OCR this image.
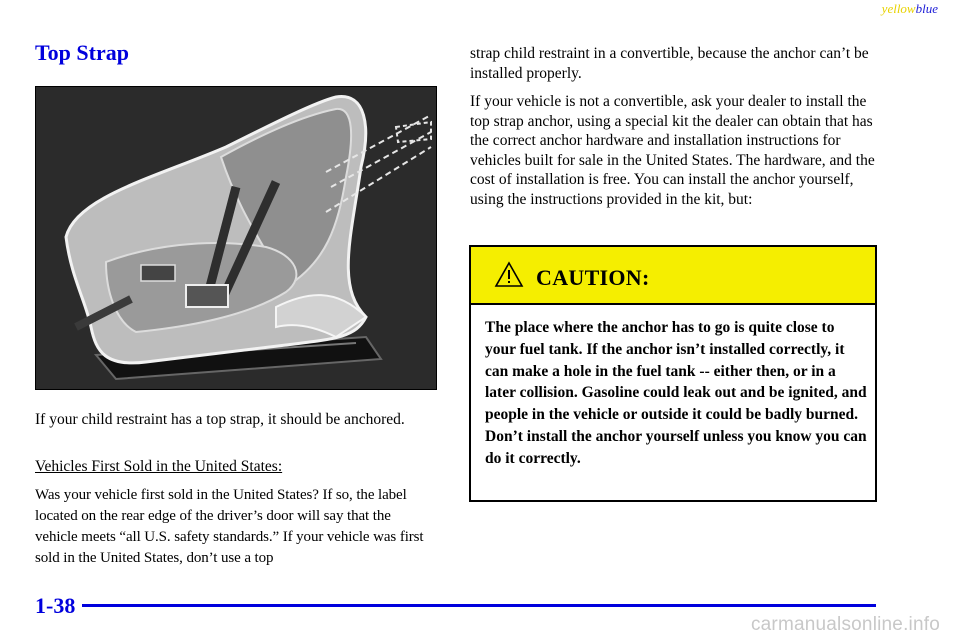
yellowblue
Top Strap

If your child restraint has a top strap, it should be anchored.

Vehicles First Sold in the United States:

Was your vehicle first sold in the United States? If so, the label located on the rear edge of the driver’s door will say that the vehicle meets “all U.S. safety standards.” If your vehicle was first sold in the United States, don’t use a top

strap child restraint in a convertible, because the anchor can’t be installed properly.

If your vehicle is not a convertible, ask your dealer to install the top strap anchor, using a special kit the dealer can obtain that has the correct anchor hardware and installation instructions for vehicles built for sale in the United States. The hardware, and the cost of installation is free. You can install the anchor yourself, using the instructions provided in the kit, but:

CAUTION:

The place where the anchor has to go is quite close to your fuel tank. If the anchor isn’t installed correctly, it can make a hole in the fuel tank -- either then, or in a later collision. Gasoline could leak out and be ignited, and people in the vehicle or outside it could be badly burned. Don’t install the anchor yourself unless you know you can do it correctly.

1-38
carmanualsonline.info
